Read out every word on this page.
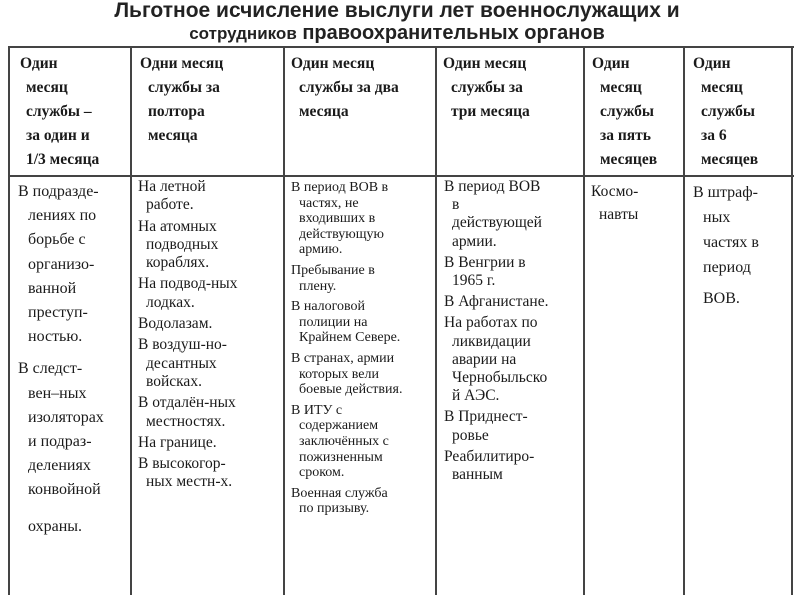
Льготное исчисление выслуги лет военнослужащих и
сотрудников правоохранительных органов
Один
месяц
службы –
за один и
1/3 месяца
Одни месяц
службы за
полтора
месяца
Один месяц
службы за два
месяца
Один месяц
службы за
три месяца
Один
месяц
службы
за пять
месяцев
Один
месяц
службы
за 6
месяцев
В подразде-
лениях по
борьбе с
организо-
ванной
преступ-
ностью.
В следст-
вен–ных
изоляторах
и подраз-
делениях
конвойной
охраны.
На летной
работе.
На атомных
подводных
кораблях.
На подвод-ных
лодках.
Водолазам.
В воздуш-но-
десантных
войсках.
В отдалён-ных
местностях.
На границе.
В высокогор-
ных местн-х.
В период ВОВ в
частях, не
входивших в
действующую
армию.
Пребывание в
плену.
В налоговой
полиции на
Крайнем Севере.
В странах, армии
которых вели
боевые действия.
В ИТУ с
содержанием
заключённых с
пожизненным
сроком.
Военная служба
по призыву.
В период ВОВ
в
действующей
армии.
В Венгрии в
1965 г.
В Афганистане.
На работах по
ликвидации
аварии на
Чернобыльско
й АЭС.
В Приднест-
ровье
Реабилитиро-
ванным
Космо-
навты
В штраф-
ных
частях в
период
ВОВ.
